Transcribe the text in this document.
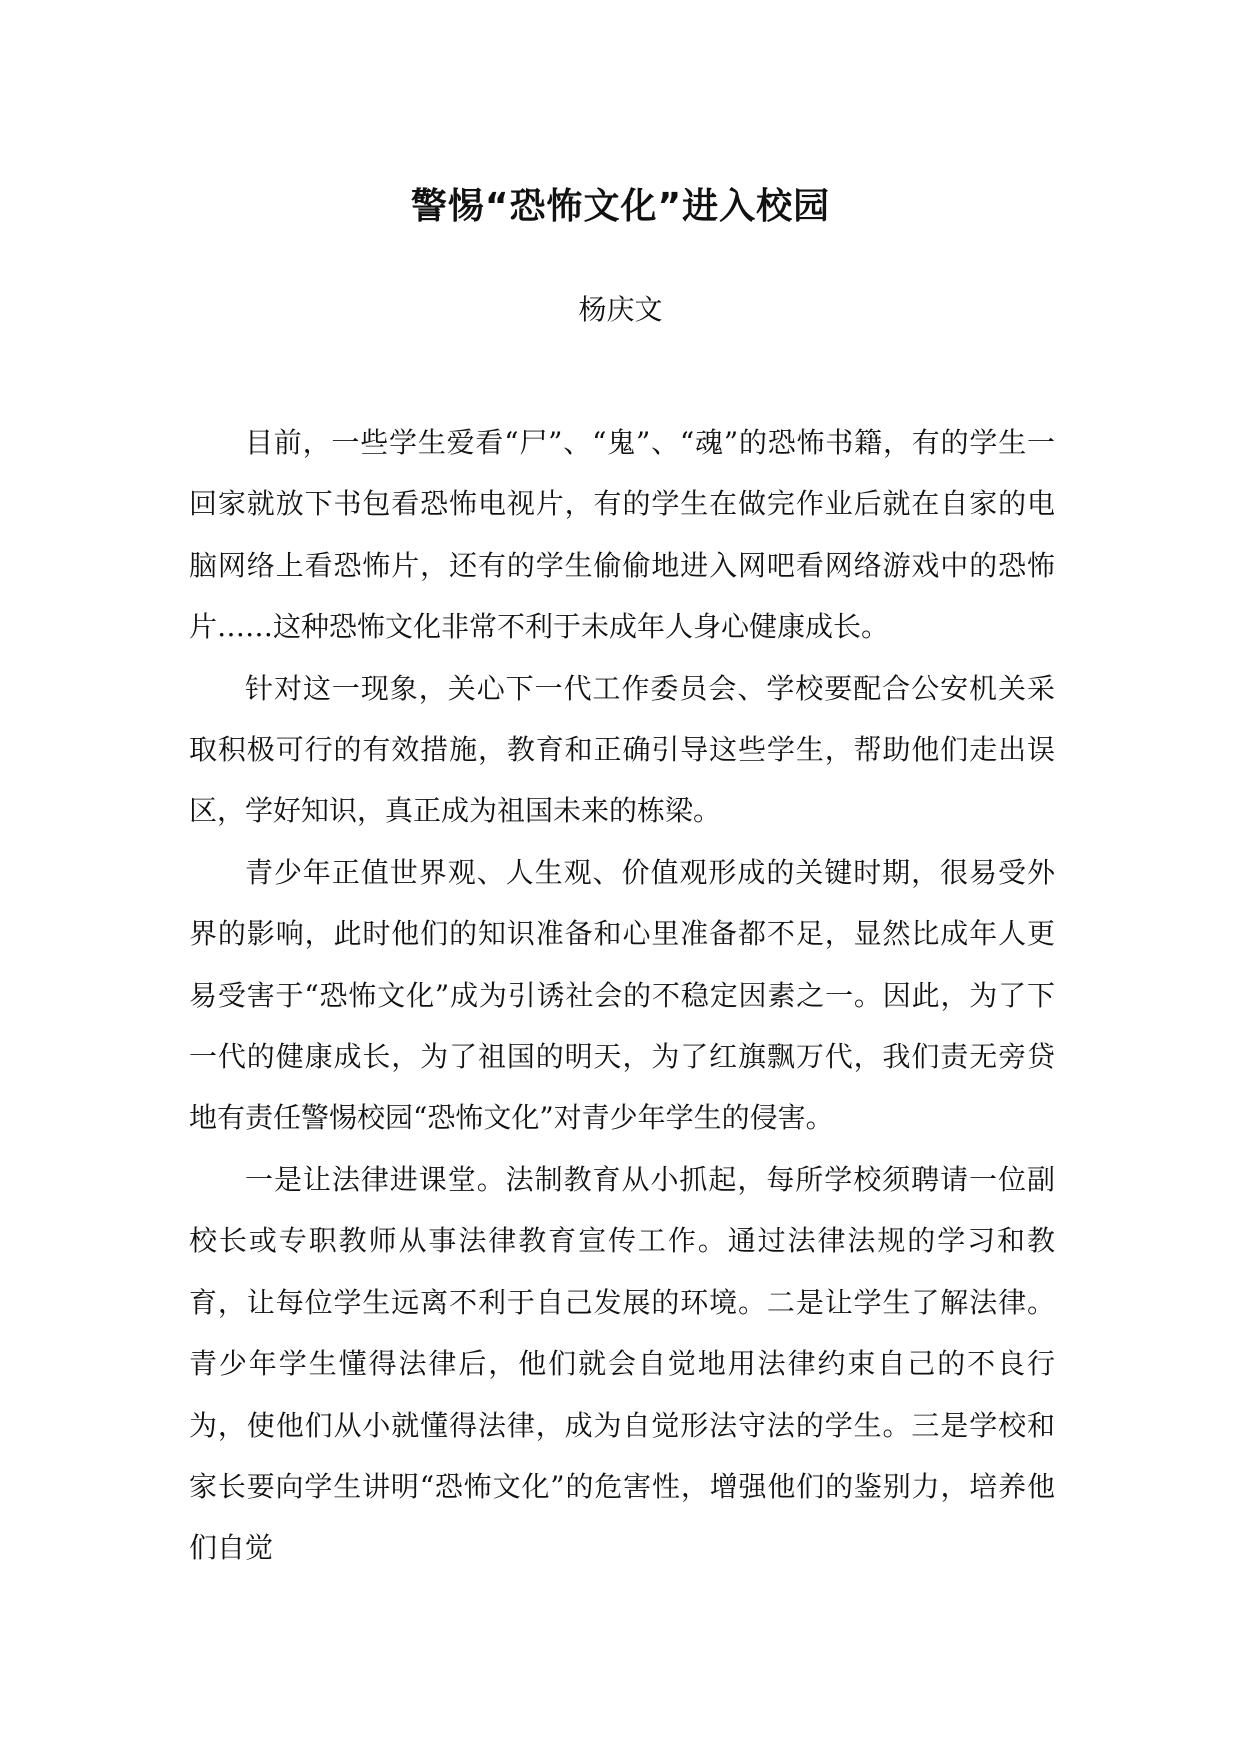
警惕“恐怖文化”进入校园
杨庆文

目前，一些学生爱看“尸”、“鬼”、“魂”的恐怖书籍，有的学生一回家就放下书包看恐怖电视片，有的学生在做完作业后就在自家的电脑网络上看恐怖片，还有的学生偷偷地进入网吧看网络游戏中的恐怖片……这种恐怖文化非常不利于未成年人身心健康成长。

针对这一现象，关心下一代工作委员会、学校要配合公安机关采取积极可行的有效措施，教育和正确引导这些学生，帮助他们走出误区，学好知识，真正成为祖国未来的栋梁。

青少年正值世界观、人生观、价值观形成的关键时期，很易受外界的影响，此时他们的知识准备和心里准备都不足，显然比成年人更易受害于“恐怖文化”成为引诱社会的不稳定因素之一。因此，为了下一代的健康成长，为了祖国的明天，为了红旗飘万代，我们责无旁贷地有责任警惕校园“恐怖文化”对青少年学生的侵害。

一是让法律进课堂。法制教育从小抓起，每所学校须聘请一位副校长或专职教师从事法律教育宣传工作。通过法律法规的学习和教育，让每位学生远离不利于自己发展的环境。二是让学生了解法律。青少年学生懂得法律后，他们就会自觉地用法律约束自己的不良行为，使他们从小就懂得法律，成为自觉形法守法的学生。三是学校和家长要向学生讲明“恐怖文化”的危害性，增强他们的鉴别力，培养他们自觉
